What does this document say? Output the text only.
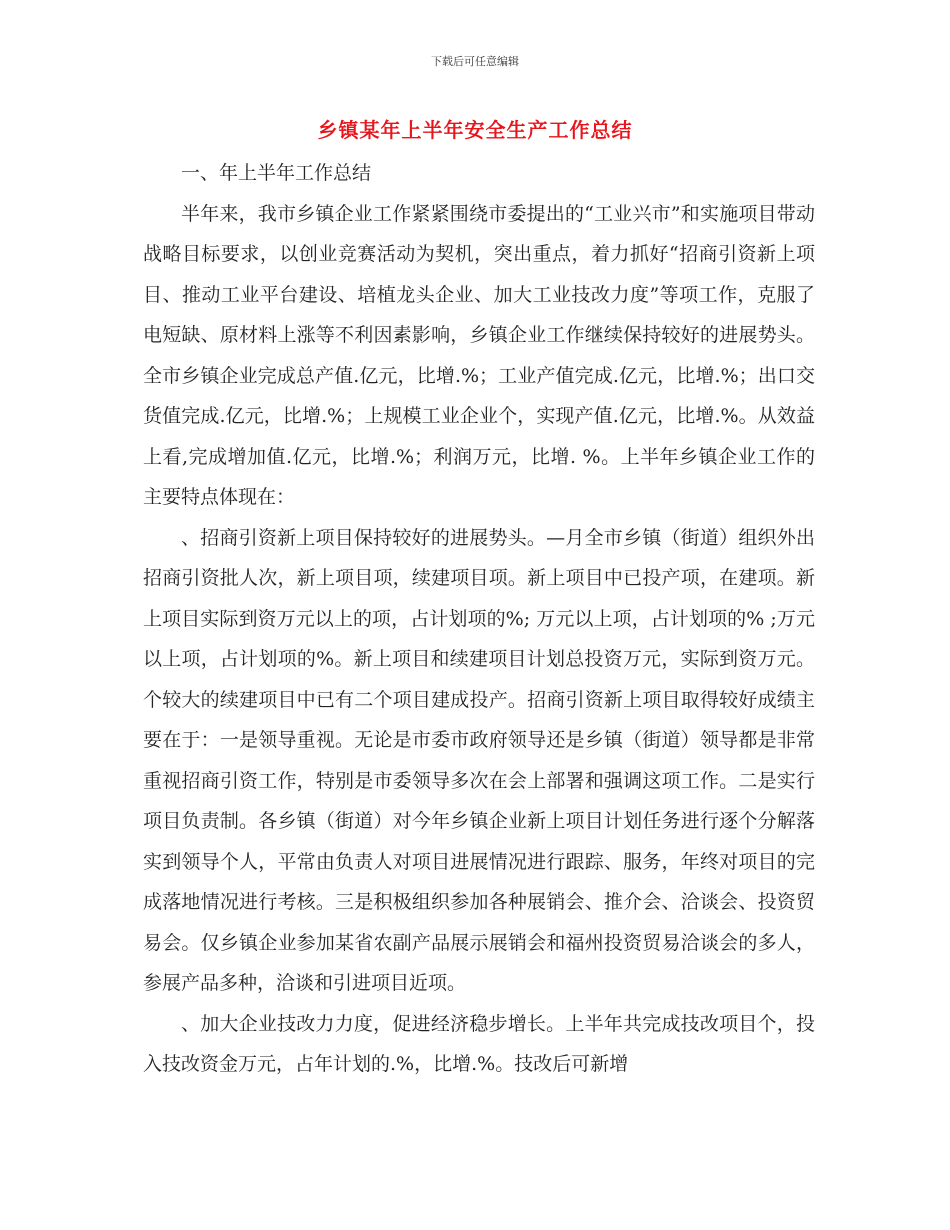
下载后可任意编辑
乡镇某年上半年安全生产工作总结

一、年上半年工作总结

半年来，我市乡镇企业工作紧紧围绕市委提出的“工业兴市”和实施项目带动战略目标要求，以创业竞赛活动为契机，突出重点，着力抓好“招商引资新上项目、推动工业平台建设、培植龙头企业、加大工业技改力度”等项工作，克服了电短缺、原材料上涨等不利因素影响，乡镇企业工作继续保持较好的进展势头。全市乡镇企业完成总产值.亿元，比增.%；工业产值完成.亿元，比增.%；出口交货值完成.亿元，比增.%；上规模工业企业个，实现产值.亿元，比增.%。从效益上看,完成增加值.亿元，比增.%；利润万元，比增. %。上半年乡镇企业工作的主要特点体现在：

、招商引资新上项目保持较好的进展势头。—月全市乡镇（街道）组织外出招商引资批人次，新上项目项，续建项目项。新上项目中已投产项，在建项。新上项目实际到资万元以上的项，占计划项的%; 万元以上项，占计划项的% ;万元以上项，占计划项的%。新上项目和续建项目计划总投资万元，实际到资万元。个较大的续建项目中已有二个项目建成投产。招商引资新上项目取得较好成绩主要在于：一是领导重视。无论是市委市政府领导还是乡镇（街道）领导都是非常重视招商引资工作，特别是市委领导多次在会上部署和强调这项工作。二是实行项目负责制。各乡镇（街道）对今年乡镇企业新上项目计划任务进行逐个分解落实到领导个人，平常由负责人对项目进展情况进行跟踪、服务，年终对项目的完成落地情况进行考核。三是积极组织参加各种展销会、推介会、洽谈会、投资贸易会。仅乡镇企业参加某省农副产品展示展销会和福州投资贸易洽谈会的多人，参展产品多种，洽谈和引进项目近项。

、加大企业技改力力度，促进经济稳步增长。上半年共完成技改项目个，投入技改资金万元，占年计划的.%，比增.%。技改后可新增
